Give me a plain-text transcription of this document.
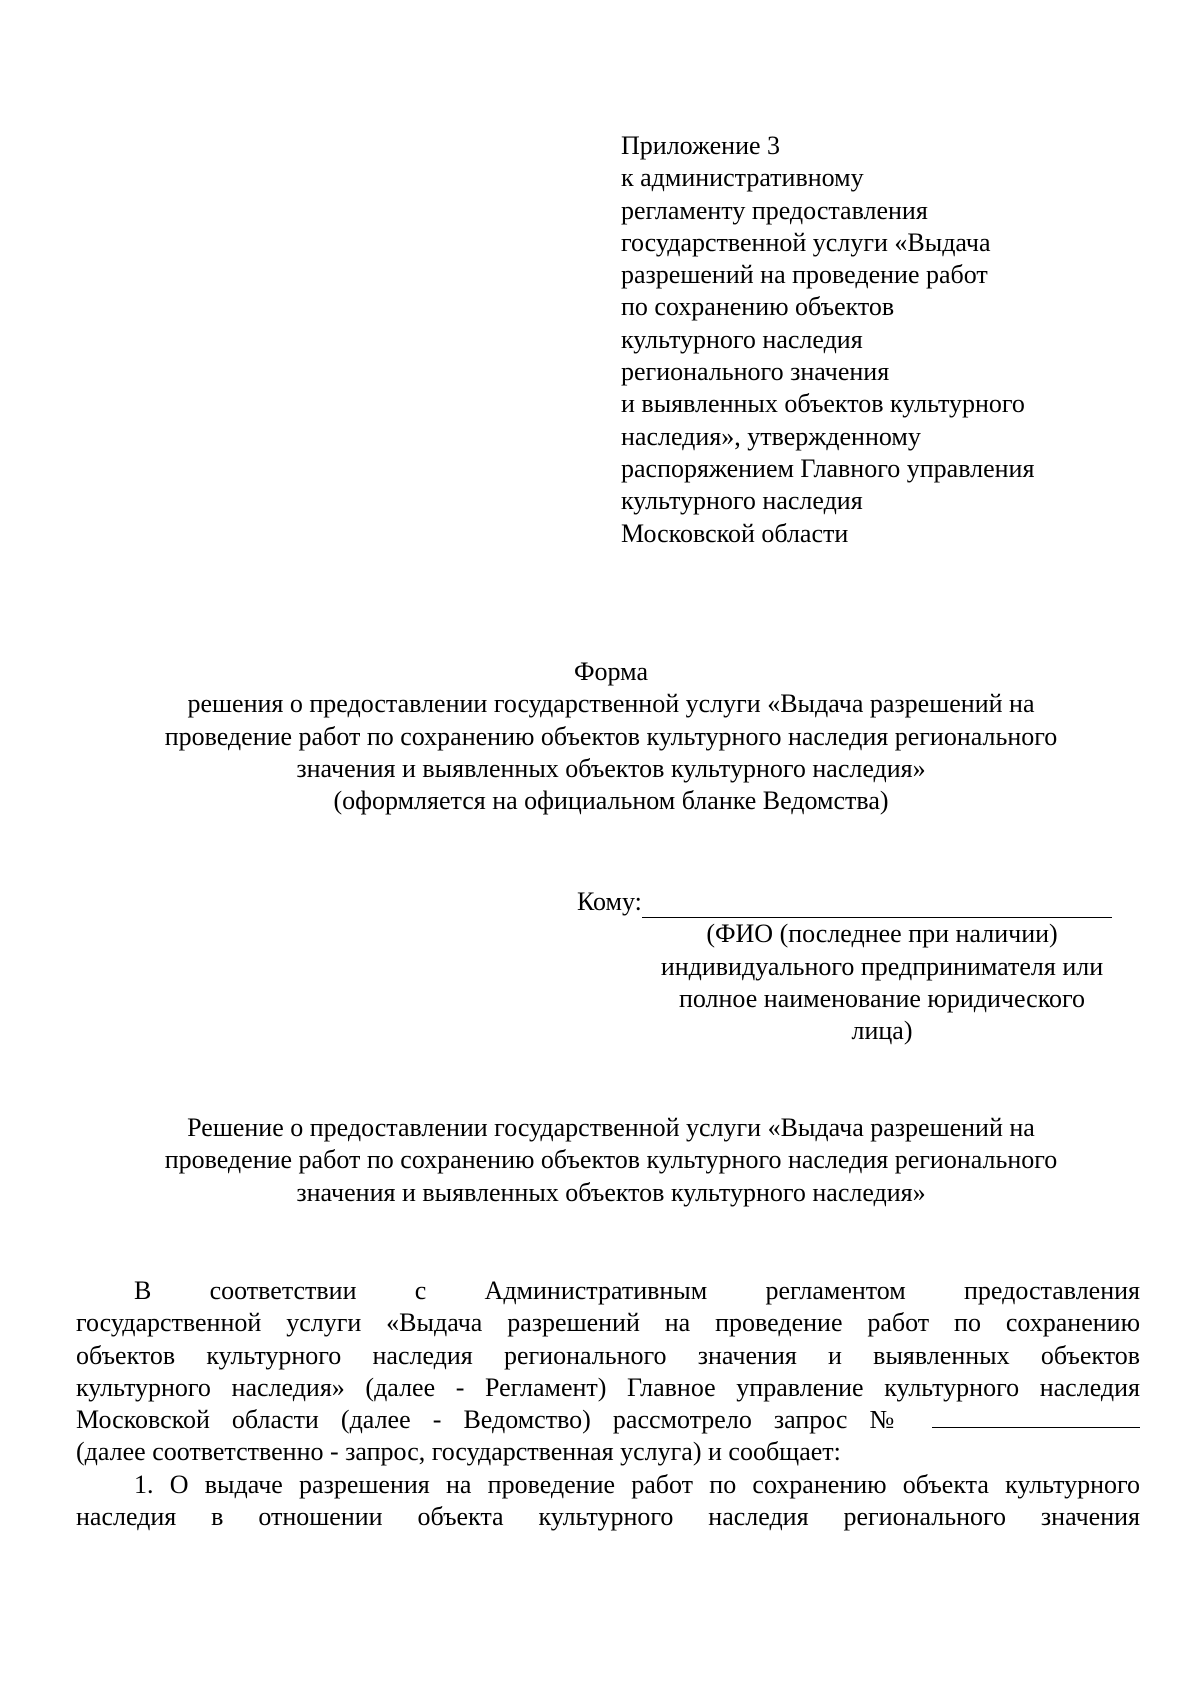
Приложение 3
к административному
регламенту предоставления
государственной услуги «Выдача
разрешений на проведение работ
по сохранению объектов
культурного наследия
регионального значения
и выявленных объектов культурного
наследия», утвержденному
распоряжением Главного управления
культурного наследия
Московской области
Форма
решения о предоставлении государственной услуги «Выдача разрешений на
проведение работ по сохранению объектов культурного наследия регионального
значения и выявленных объектов культурного наследия»
(оформляется на официальном бланке Ведомства)
Кому:
(ФИО (последнее при наличии)
индивидуального предпринимателя или
полное наименование юридического
лица)
Решение о предоставлении государственной услуги «Выдача разрешений на
проведение работ по сохранению объектов культурного наследия регионального
значения и выявленных объектов культурного наследия»
В соответствии с Административным регламентом предоставления
государственной услуги «Выдача разрешений на проведение работ по сохранению
объектов культурного наследия регионального значения и выявленных объектов
культурного наследия» (далее - Регламент) Главное управление культурного наследия
Московской области (далее - Ведомство) рассмотрело запрос №
(далее соответственно - запрос, государственная услуга) и сообщает:
1. О выдаче разрешения на проведение работ по сохранению объекта культурного
наследия в отношении объекта культурного наследия регионального значения
